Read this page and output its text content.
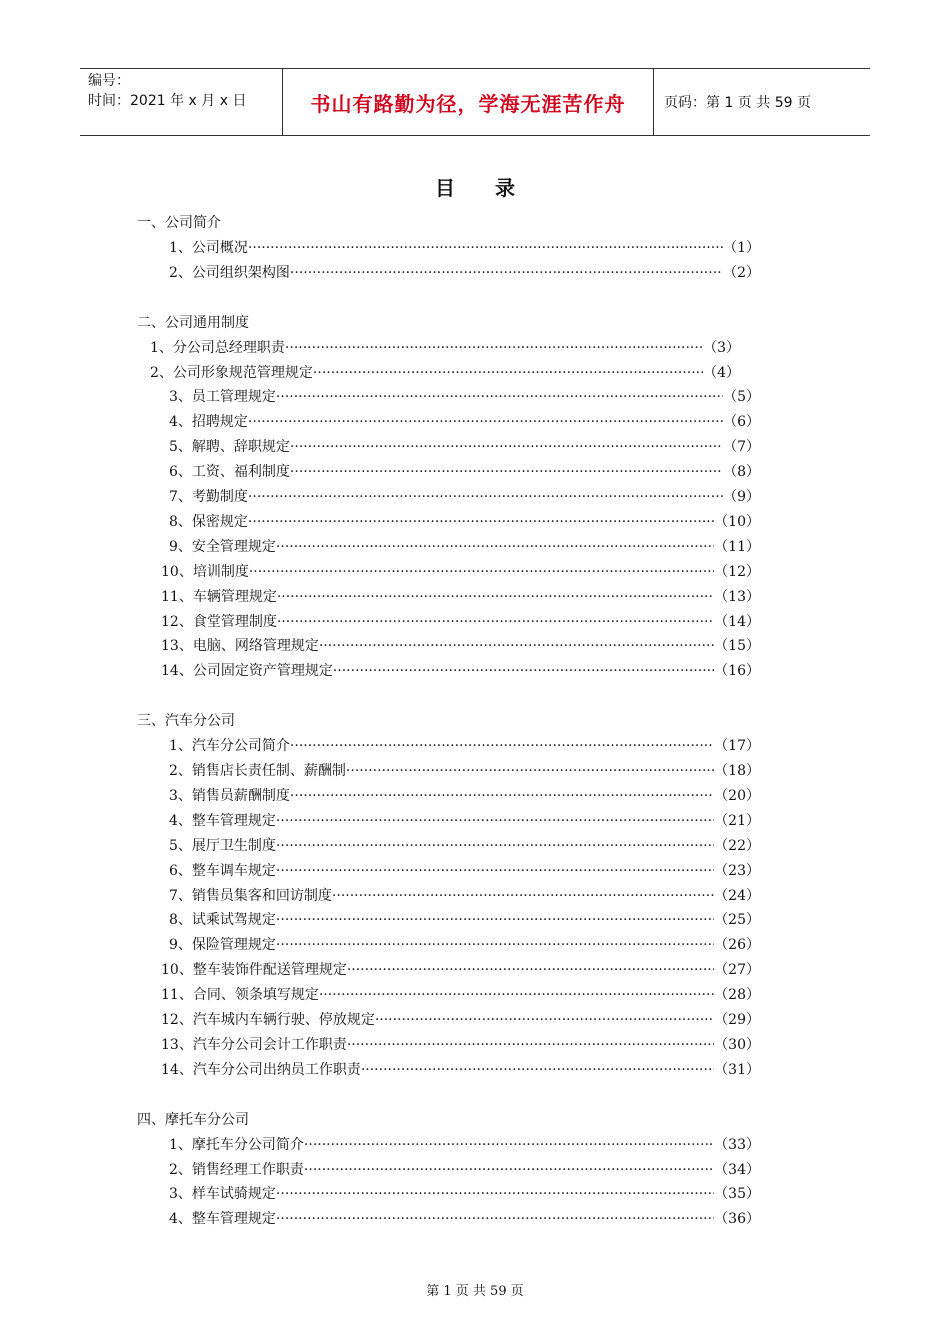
编号：
时间：2021 年 x 月 x 日	书山有路勤为径，学海无涯苦作舟	页码：第 1 页 共 59 页
目录
一、公司简介
1、公司概况 ·····	（1）
2、公司组织架构图 ·····	（2）
二、公司通用制度
1、分公司总经理职责 ·····	（3）
2、公司形象规范管理规定 ·····	（4）
3、员工管理规定 ·····	（5）
4、招聘规定 ·····	（6）
5、解聘、辞职规定 ·····	（7）
6、工资、福利制度 ·····	（8）
7、考勤制度 ·····	（9）
8、保密规定 ·····	（10）
9、安全管理规定 ·····	（11）
10、培训制度 ·····	（12）
11、车辆管理规定 ·····	（13）
12、食堂管理制度 ·····	（14）
13、电脑、网络管理规定 ·····	（15）
14、公司固定资产管理规定 ·····	（16）
三、汽车分公司
1、汽车分公司简介 ·····	（17）
2、销售店长责任制、薪酬制 ·····	（18）
3、销售员薪酬制度 ·····	（20）
4、整车管理规定 ·····	（21）
5、展厅卫生制度 ·····	（22）
6、整车调车规定 ·····	（23）
7、销售员集客和回访制度 ·····	（24）
8、试乘试驾规定 ·····	（25）
9、保险管理规定 ·····	（26）
10、整车装饰件配送管理规定 ·····	（27）
11、合同、领条填写规定 ·····	（28）
12、汽车城内车辆行驶、停放规定 ·····	（29）
13、汽车分公司会计工作职责 ·····	（30）
14、汽车分公司出纳员工作职责 ·····	（31）
四、摩托车分公司
1、摩托车分公司简介 ·····	（33）
2、销售经理工作职责 ·····	（34）
3、样车试骑规定 ·····	（35）
4、整车管理规定 ·····	（36）
第 1 页 共 59 页
